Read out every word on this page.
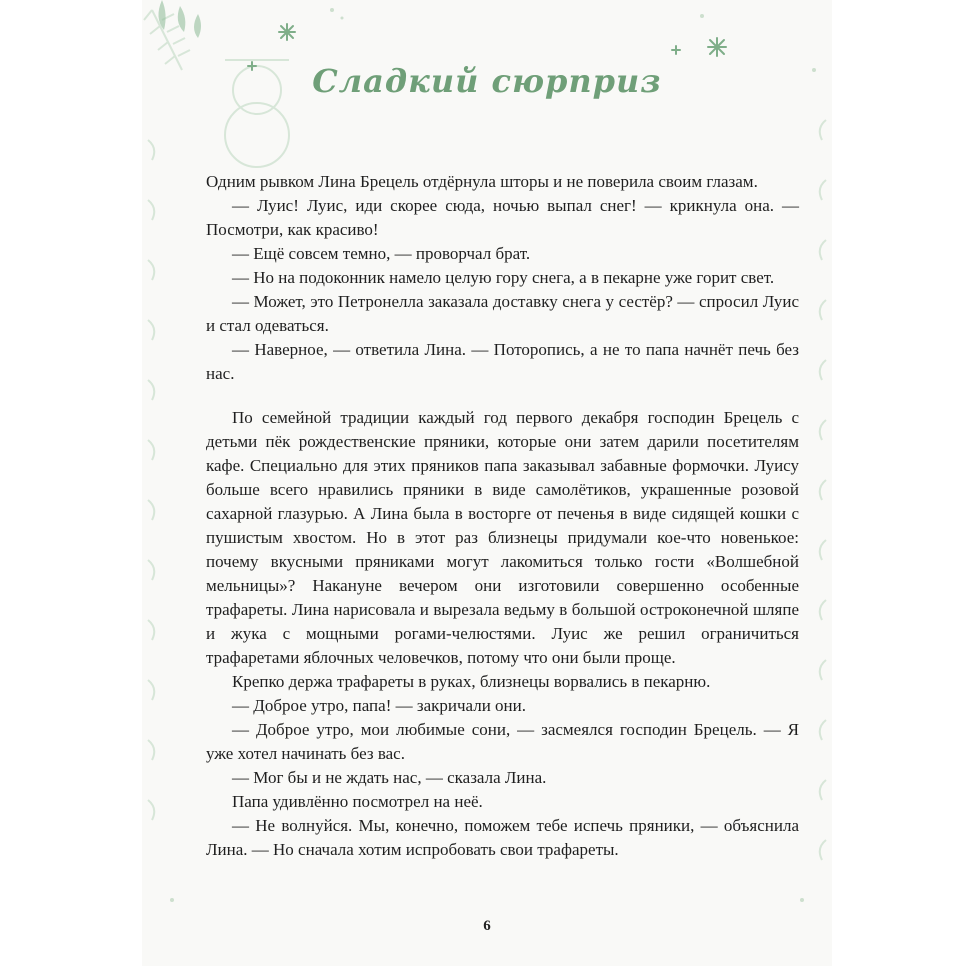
Сладкий сюрприз

Одним рывком Лина Брецель отдёрнула шторы и не поверила своим глазам.

— Луис! Луис, иди скорее сюда, ночью выпал снег! — крикнула она. — Посмотри, как красиво!

— Ещё совсем темно, — проворчал брат.

— Но на подоконник намело целую гору снега, а в пекарне уже горит свет.

— Может, это Петронелла заказала доставку снега у сестёр? — спросил Луис и стал одеваться.

— Наверное, — ответила Лина. — Поторопись, а не то папа начнёт печь без нас.

По семейной традиции каждый год первого декабря господин Брецель с детьми пёк рождественские пряники, которые они затем дарили посетителям кафе. Специально для этих пряников папа заказывал забавные формочки. Луису больше всего нравились пряники в виде самолётиков, украшенные розовой сахарной глазурью. А Лина была в восторге от печенья в виде сидящей кошки с пушистым хвостом. Но в этот раз близнецы придумали кое-что новенькое: почему вкусными пряниками могут лакомиться только гости «Волшебной мельницы»? Накануне вечером они изготовили совершенно особенные трафареты. Лина нарисовала и вырезала ведьму в большой остроконечной шляпе и жука с мощными рогами-челюстями. Луис же решил ограничиться трафаретами яблочных человечков, потому что они были проще.

Крепко держа трафареты в руках, близнецы ворвались в пекарню.

— Доброе утро, папа! — закричали они.

— Доброе утро, мои любимые сони, — засмеялся господин Брецель. — Я уже хотел начинать без вас.

— Мог бы и не ждать нас, — сказала Лина.

Папа удивлённо посмотрел на неё.

— Не волнуйся. Мы, конечно, поможем тебе испечь пряники, — объяснила Лина. — Но сначала хотим испробовать свои трафареты.

6
